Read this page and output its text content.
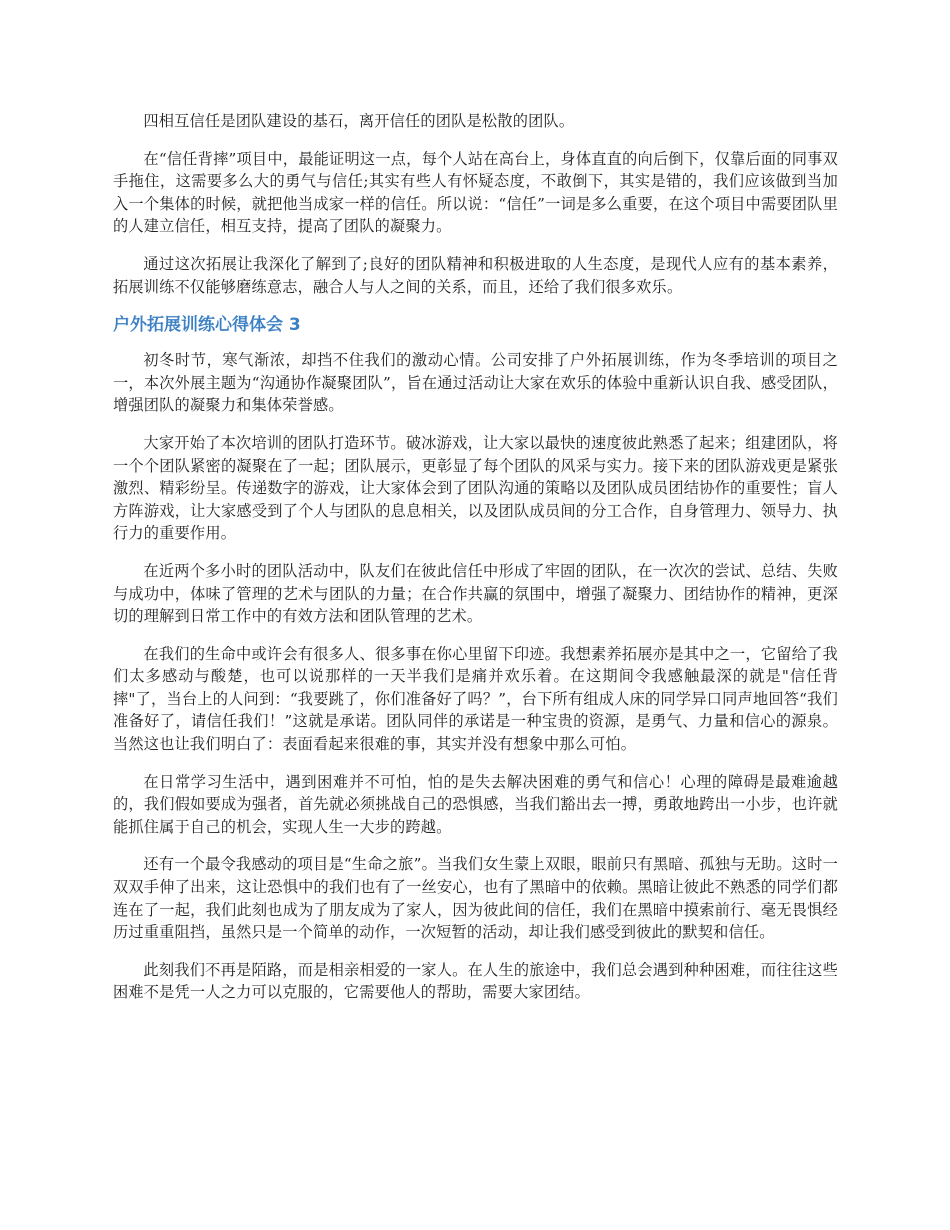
四相互信任是团队建设的基石，离开信任的团队是松散的团队。

在“信任背摔”项目中，最能证明这一点，每个人站在高台上，身体直直的向后倒下，仅靠后面的同事双手拖住，这需要多么大的勇气与信任;其实有些人有怀疑态度，不敢倒下，其实是错的，我们应该做到当加入一个集体的时候，就把他当成家一样的信任。所以说：“信任”一词是多么重要，在这个项目中需要团队里的人建立信任，相互支持，提高了团队的凝聚力。

通过这次拓展让我深化了解到了;良好的团队精神和积极进取的人生态度，是现代人应有的基本素养，拓展训练不仅能够磨练意志，融合人与人之间的关系，而且，还给了我们很多欢乐。

户外拓展训练心得体会 3

初冬时节，寒气渐浓，却挡不住我们的激动心情。公司安排了户外拓展训练，作为冬季培训的项目之一，本次外展主题为“沟通协作凝聚团队”，旨在通过活动让大家在欢乐的体验中重新认识自我、感受团队，增强团队的凝聚力和集体荣誉感。

大家开始了本次培训的团队打造环节。破冰游戏，让大家以最快的速度彼此熟悉了起来；组建团队，将一个个团队紧密的凝聚在了一起；团队展示，更彰显了每个团队的风采与实力。接下来的团队游戏更是紧张激烈、精彩纷呈。传递数字的游戏，让大家体会到了团队沟通的策略以及团队成员团结协作的重要性；盲人方阵游戏，让大家感受到了个人与团队的息息相关，以及团队成员间的分工合作，自身管理力、领导力、执行力的重要作用。

在近两个多小时的团队活动中，队友们在彼此信任中形成了牢固的团队，在一次次的尝试、总结、失败与成功中，体味了管理的艺术与团队的力量；在合作共赢的氛围中，增强了凝聚力、团结协作的精神，更深切的理解到日常工作中的有效方法和团队管理的艺术。

在我们的生命中或许会有很多人、很多事在你心里留下印迹。我想素养拓展亦是其中之一，它留给了我们太多感动与酸楚，也可以说那样的一天半我们是痛并欢乐着。在这期间令我感触最深的就是"信任背摔"了，当台上的人问到：“我要跳了，你们准备好了吗？”，台下所有组成人床的同学异口同声地回答“我们准备好了，请信任我们！”这就是承诺。团队同伴的承诺是一种宝贵的资源，是勇气、力量和信心的源泉。当然这也让我们明白了：表面看起来很难的事，其实并没有想象中那么可怕。

在日常学习生活中，遇到困难并不可怕，怕的是失去解决困难的勇气和信心！心理的障碍是最难逾越的，我们假如要成为强者，首先就必须挑战自己的恐惧感，当我们豁出去一搏，勇敢地跨出一小步，也许就能抓住属于自己的机会，实现人生一大步的跨越。

还有一个最令我感动的项目是“生命之旅”。当我们女生蒙上双眼，眼前只有黑暗、孤独与无助。这时一双双手伸了出来，这让恐惧中的我们也有了一丝安心，也有了黑暗中的依赖。黑暗让彼此不熟悉的同学们都连在了一起，我们此刻也成为了朋友成为了家人，因为彼此间的信任，我们在黑暗中摸索前行、毫无畏惧经历过重重阻挡，虽然只是一个简单的动作，一次短暂的活动，却让我们感受到彼此的默契和信任。

此刻我们不再是陌路，而是相亲相爱的一家人。在人生的旅途中，我们总会遇到种种困难，而往往这些困难不是凭一人之力可以克服的，它需要他人的帮助，需要大家团结。
